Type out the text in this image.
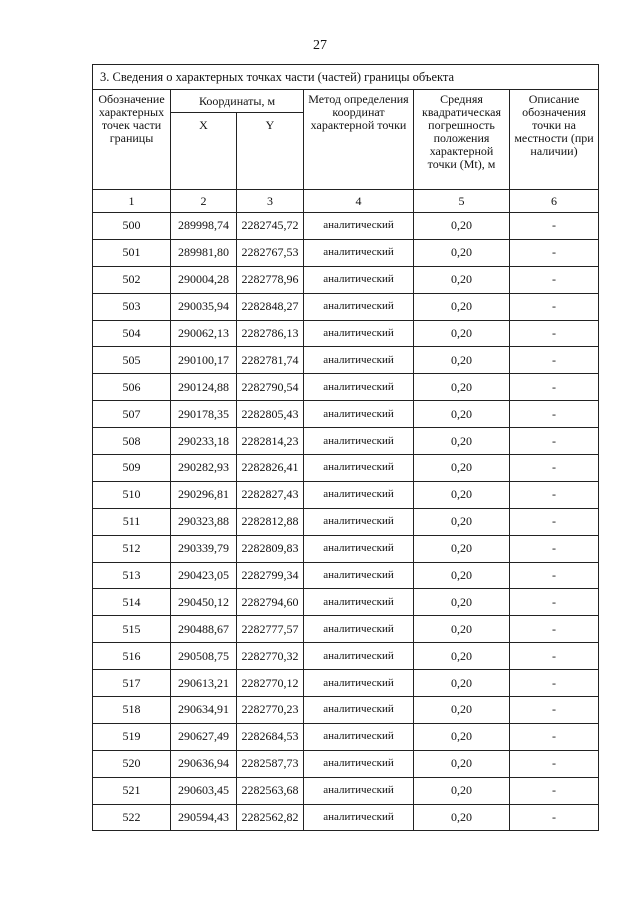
27
3. Сведения о характерных точках части (частей) границы объекта					
Обозначение характерных точек части границы	Координаты, м		Метод определения координат характерной точки	Средняя квадратическая погрешность положения характерной точки (Mt), м	Описание обозначения точки на местности (при наличии)
	X	Y			
1	2	3	4	5	6
500	289998,74	2282745,72	аналитический	0,20	-
501	289981,80	2282767,53	аналитический	0,20	-
502	290004,28	2282778,96	аналитический	0,20	-
503	290035,94	2282848,27	аналитический	0,20	-
504	290062,13	2282786,13	аналитический	0,20	-
505	290100,17	2282781,74	аналитический	0,20	-
506	290124,88	2282790,54	аналитический	0,20	-
507	290178,35	2282805,43	аналитический	0,20	-
508	290233,18	2282814,23	аналитический	0,20	-
509	290282,93	2282826,41	аналитический	0,20	-
510	290296,81	2282827,43	аналитический	0,20	-
511	290323,88	2282812,88	аналитический	0,20	-
512	290339,79	2282809,83	аналитический	0,20	-
513	290423,05	2282799,34	аналитический	0,20	-
514	290450,12	2282794,60	аналитический	0,20	-
515	290488,67	2282777,57	аналитический	0,20	-
516	290508,75	2282770,32	аналитический	0,20	-
517	290613,21	2282770,12	аналитический	0,20	-
518	290634,91	2282770,23	аналитический	0,20	-
519	290627,49	2282684,53	аналитический	0,20	-
520	290636,94	2282587,73	аналитический	0,20	-
521	290603,45	2282563,68	аналитический	0,20	-
522	290594,43	2282562,82	аналитический	0,20	-
